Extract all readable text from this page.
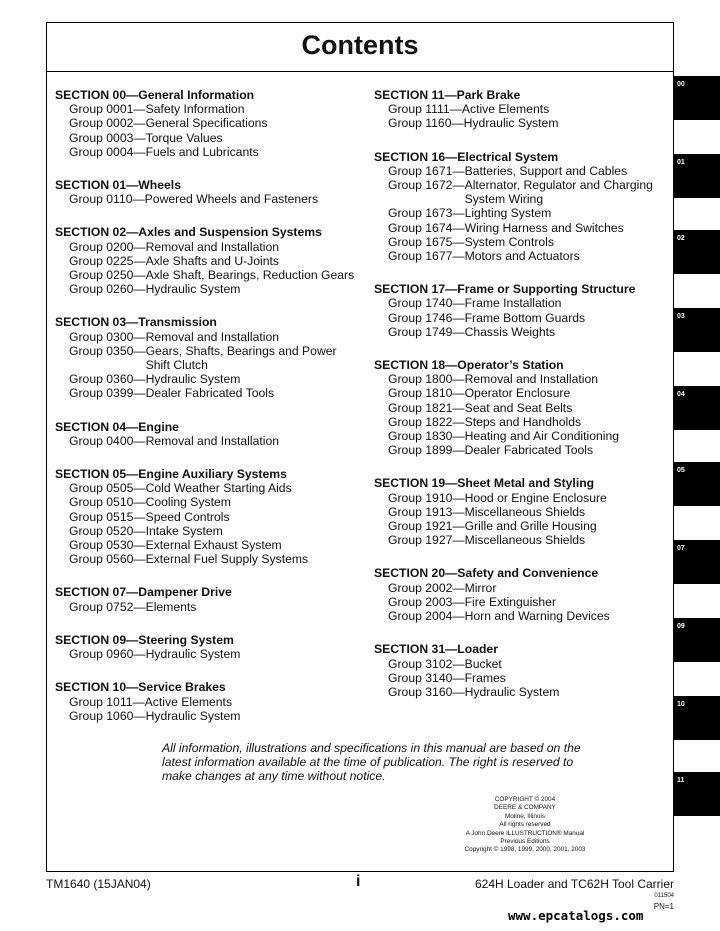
Contents
SECTION 00—General Information
Group 0001 — Safety Information
Group 0002 — General Specifications
Group 0003 — Torque Values
Group 0004 — Fuels and Lubricants
SECTION 01—Wheels
Group 0110 — Powered Wheels and Fasteners
SECTION 02—Axles and Suspension Systems
Group 0200 — Removal and Installation
Group 0225 — Axle Shafts and U-Joints
Group 0250 — Axle Shaft, Bearings, Reduction Gears
Group 0260 — Hydraulic System
SECTION 03—Transmission
Group 0300 — Removal and Installation
Group 0350 — Gears, Shafts, Bearings and Power Shift Clutch
Group 0360 — Hydraulic System
Group 0399 — Dealer Fabricated Tools
SECTION 04—Engine
Group 0400 — Removal and Installation
SECTION 05—Engine Auxiliary Systems
Group 0505 — Cold Weather Starting Aids
Group 0510 — Cooling System
Group 0515 — Speed Controls
Group 0520 — Intake System
Group 0530 — External Exhaust System
Group 0560 — External Fuel Supply Systems
SECTION 07—Dampener Drive
Group 0752 — Elements
SECTION 09—Steering System
Group 0960 — Hydraulic System
SECTION 10—Service Brakes
Group 1011 — Active Elements
Group 1060 — Hydraulic System
SECTION 11—Park Brake
Group 1111 — Active Elements
Group 1160 — Hydraulic System
SECTION 16—Electrical System
Group 1671 — Batteries, Support and Cables
Group 1672 — Alternator, Regulator and Charging System Wiring
Group 1673 — Lighting System
Group 1674 — Wiring Harness and Switches
Group 1675 — System Controls
Group 1677 — Motors and Actuators
SECTION 17—Frame or Supporting Structure
Group 1740 — Frame Installation
Group 1746 — Frame Bottom Guards
Group 1749 — Chassis Weights
SECTION 18—Operator’s Station
Group 1800 — Removal and Installation
Group 1810 — Operator Enclosure
Group 1821 — Seat and Seat Belts
Group 1822 — Steps and Handholds
Group 1830 — Heating and Air Conditioning
Group 1899 — Dealer Fabricated Tools
SECTION 19—Sheet Metal and Styling
Group 1910 — Hood or Engine Enclosure
Group 1913 — Miscellaneous Shields
Group 1921 — Grille and Grille Housing
Group 1927 — Miscellaneous Shields
SECTION 20—Safety and Convenience
Group 2002 — Mirror
Group 2003 — Fire Extinguisher
Group 2004 — Horn and Warning Devices
SECTION 31—Loader
Group 3102 — Bucket
Group 3140 — Frames
Group 3160 — Hydraulic System
All information, illustrations and specifications in this manual are based on the latest information available at the time of publication. The right is reserved to make changes at any time without notice.
COPYRIGHT © 2004
DEERE & COMPANY
Moline, Illinois
All rights reserved
A John Deere ILLUSTRUCTION® Manual
Previous Editions
Copyright © 1998, 1999, 2000, 2001, 2003
TM1640 (15JAN04)	i	624H Loader and TC62H Tool Carrier
011504
PN=1
www.epcatalogs.com
00
01
02
03
04
05
07
09
10
11
